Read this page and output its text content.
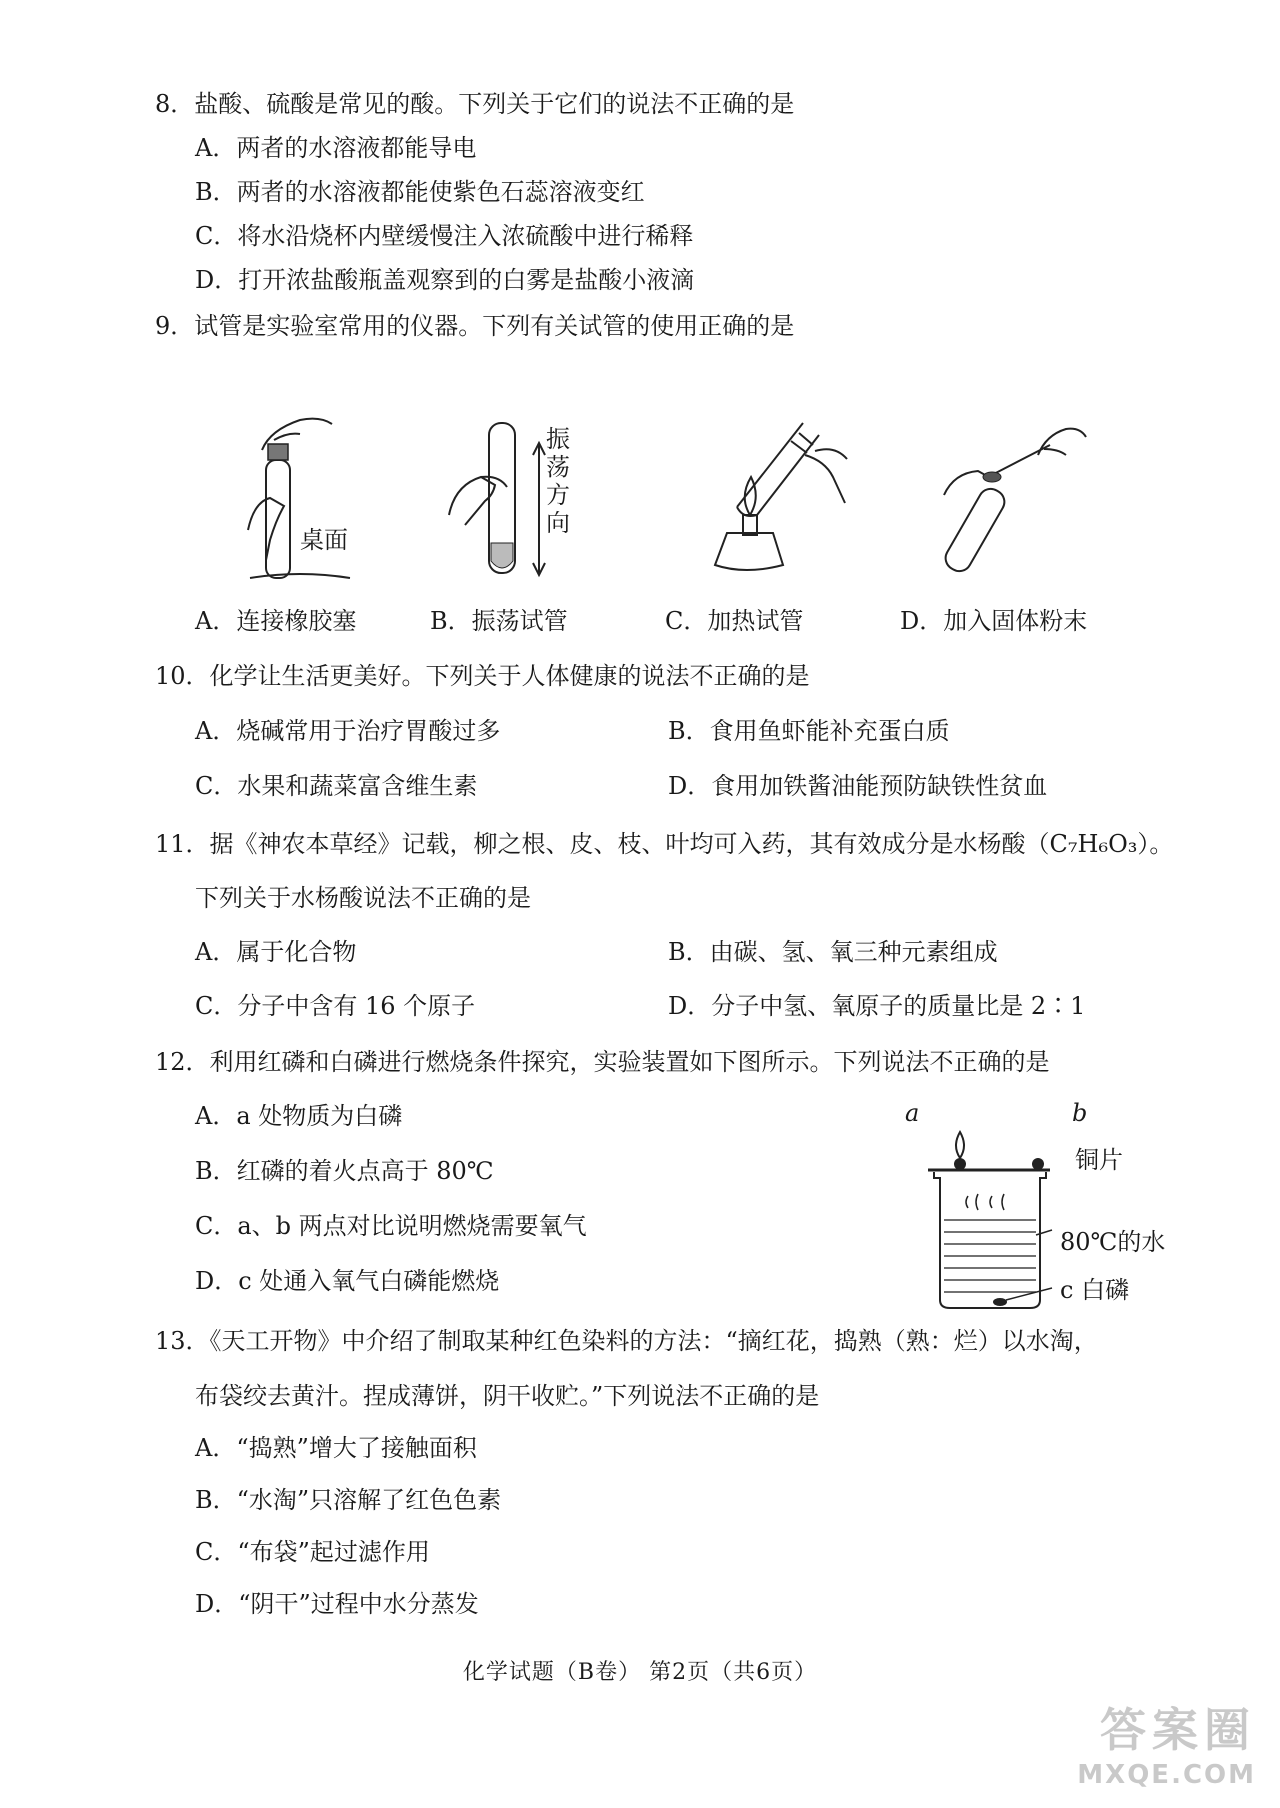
8．盐酸、硫酸是常见的酸。下列关于它们的说法不正确的是
A．两者的水溶液都能导电
B．两者的水溶液都能使紫色石蕊溶液变红
C．将水沿烧杯内壁缓慢注入浓硫酸中进行稀释
D．打开浓盐酸瓶盖观察到的白雾是盐酸小液滴
9．试管是实验室常用的仪器。下列有关试管的使用正确的是
桌面
振荡方向
A．连接橡胶塞	B．振荡试管	C．加热试管	D．加入固体粉末
10．化学让生活更美好。下列关于人体健康的说法不正确的是
A．烧碱常用于治疗胃酸过多	B．食用鱼虾能补充蛋白质
C．水果和蔬菜富含维生素	D．食用加铁酱油能预防缺铁性贫血
11．据《神农本草经》记载，柳之根、皮、枝、叶均可入药，其有效成分是水杨酸（C₇H₆O₃）。
下列关于水杨酸说法不正确的是
A．属于化合物	B．由碳、氢、氧三种元素组成
C．分子中含有 16 个原子	D．分子中氢、氧原子的质量比是 2∶1
12．利用红磷和白磷进行燃烧条件探究，实验装置如下图所示。下列说法不正确的是
A．a 处物质为白磷
B．红磷的着火点高于 80℃
C．a、b 两点对比说明燃烧需要氧气
D．c 处通入氧气白磷能燃烧
a	b
铜片
80℃的水
c 白磷
13．《天工开物》中介绍了制取某种红色染料的方法：“摘红花，捣熟（熟：烂）以水淘，
布袋绞去黄汁。捏成薄饼，阴干收贮。”下列说法不正确的是
A．“捣熟”增大了接触面积
B．“水淘”只溶解了红色色素
C．“布袋”起过滤作用
D．“阴干”过程中水分蒸发
化学试题（B卷） 第2页（共6页）
答案圈
MXQE.COM
